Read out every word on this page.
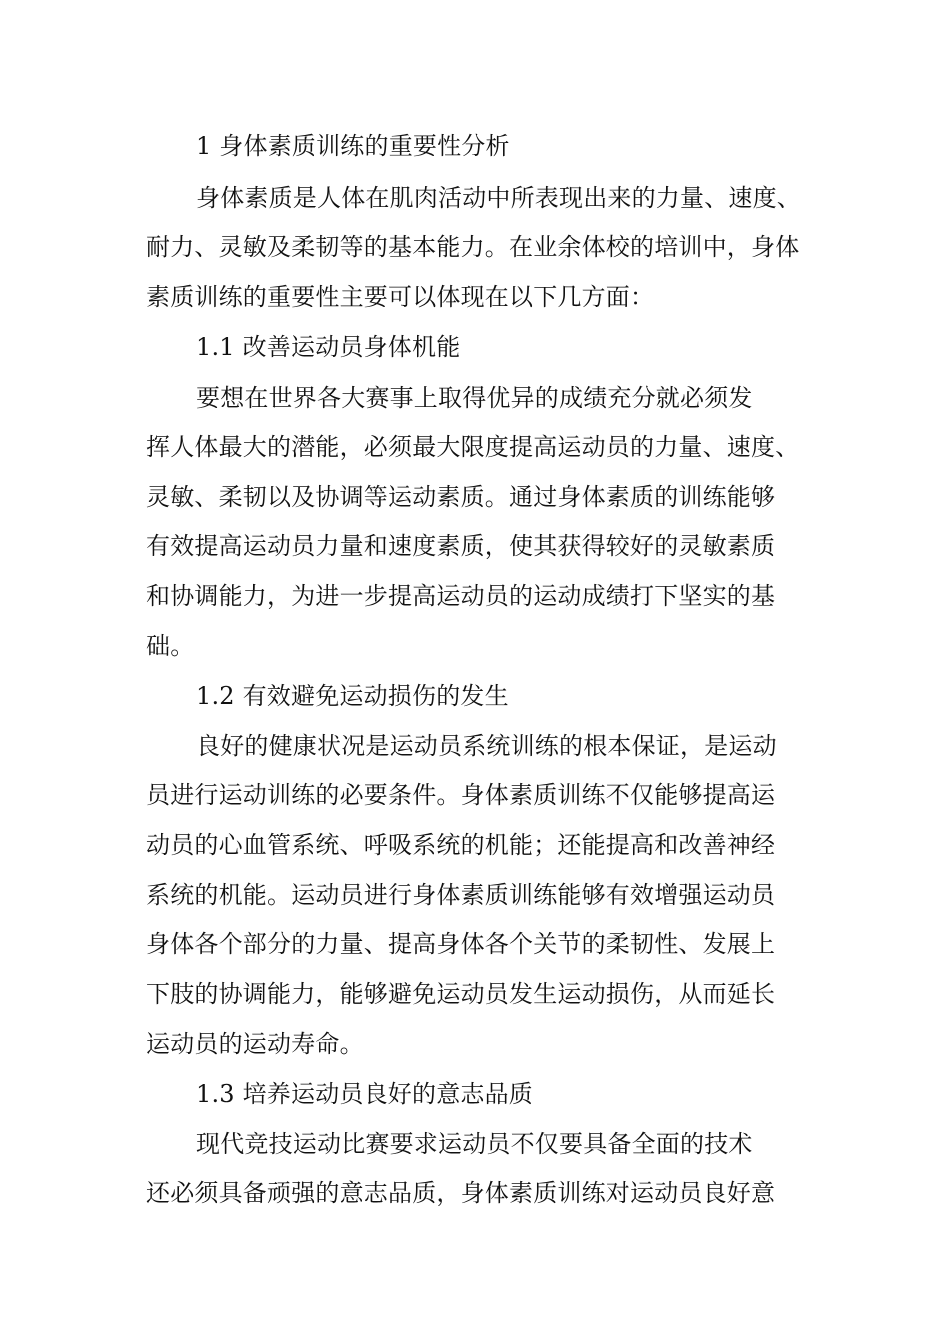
1 身体素质训练的重要性分析
身体素质是人体在肌肉活动中所表现出来的力量、速度、
耐力、灵敏及柔韧等的基本能力。在业余体校的培训中，身体
素质训练的重要性主要可以体现在以下几方面：
1.1 改善运动员身体机能
要想在世界各大赛事上取得优异的成绩充分就必须发
挥人体最大的潜能，必须最大限度提高运动员的力量、速度、
灵敏、柔韧以及协调等运动素质。通过身体素质的训练能够
有效提高运动员力量和速度素质，使其获得较好的灵敏素质
和协调能力，为进一步提高运动员的运动成绩打下坚实的基
础。
1.2 有效避免运动损伤的发生
良好的健康状况是运动员系统训练的根本保证，是运动
员进行运动训练的必要条件。身体素质训练不仅能够提高运
动员的心血管系统、呼吸系统的机能；还能提高和改善神经
系统的机能。运动员进行身体素质训练能够有效增强运动员
身体各个部分的力量、提高身体各个关节的柔韧性、发展上
下肢的协调能力，能够避免运动员发生运动损伤，从而延长
运动员的运动寿命。
1.3 培养运动员良好的意志品质
现代竞技运动比赛要求运动员不仅要具备全面的技术
还必须具备顽强的意志品质，身体素质训练对运动员良好意
